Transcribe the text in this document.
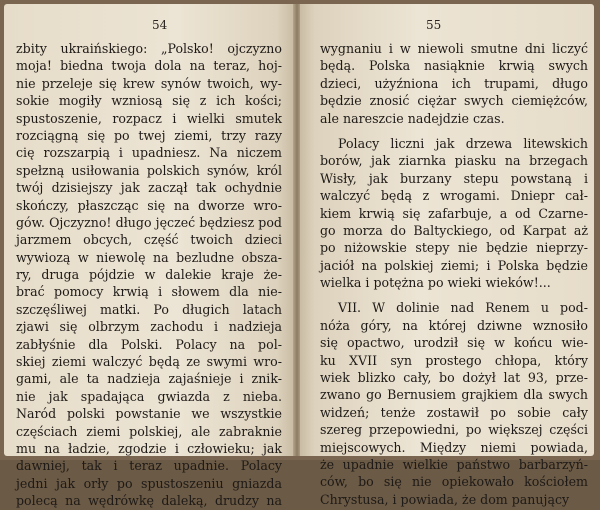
54
zbity ukraińskiego: „Polsko! ojczyzno
moja! biedna twoja dola na teraz, hoj-
nie przeleje się krew synów twoich, wy-
sokie mogiły wzniosą się z ich kości;
spustoszenie, rozpacz i wielki smutek
rozciągną się po twej ziemi, trzy razy
cię rozszarpią i upadniesz. Na niczem
spełzną usiłowania polskich synów, król
twój dzisiejszy jak zaczął tak ochydnie
skończy, płaszcząc się na dworze wro-
gów. Ojczyzno! długo jęczeć będziesz pod
jarzmem obcych, część twoich dzieci
wywiozą w niewolę na bezludne obsza-
ry, druga pójdzie w dalekie kraje że-
brać pomocy krwią i słowem dla nie-
szczęśliwej matki. Po długich latach
zjawi się olbrzym zachodu i nadzieja
zabłyśnie dla Polski. Polacy na pol-
skiej ziemi walczyć będą ze swymi wro-
gami, ale ta nadzieja zajaśnieje i znik-
nie jak spadająca gwiazda z nieba.
Naród polski powstanie we wszystkie
częściach ziemi polskiej, ale zabraknie
mu na ładzie, zgodzie i człowieku; jak
dawniej, tak i teraz upadnie. Polacy
jedni jak orły po spustoszeniu gniazda
polecą na wędrówkę daleką, drudzy na
55
wygnaniu i w niewoli smutne dni liczyć
będą. Polska nasiąknie krwią swych
dzieci, użyźniona ich trupami, długo
będzie znosić ciężar swych ciemiężców,
ale nareszcie nadejdzie czas.
Polacy liczni jak drzewa litewskich
borów, jak ziarnka piasku na brzegach
Wisły, jak burzany stepu powstaną i
walczyć będą z wrogami. Dniepr cał-
kiem krwią się zafarbuje, a od Czarne-
go morza do Baltyckiego, od Karpat aż
po niżowskie stepy nie będzie nieprzy-
jaciół na polskiej ziemi; i Polska będzie
wielka i potężna po wieki wieków!...
VII. W dolinie nad Renem u pod-
nóża góry, na której dziwne wznosiło
się opactwo, urodził się w końcu wie-
ku XVII syn prostego chłopa, który
wiek blizko cały, bo dożył lat 93, prze-
zwano go Bernusiem grajkiem dla swych
widzeń; tenże zostawił po sobie cały
szereg przepowiedni, po większej części
miejscowych. Między niemi powiada,
że upadnie wielkie państwo barbarzyń-
ców, bo się nie opiekowało kościołem
Chrystusa, i powiada, że dom panujący
